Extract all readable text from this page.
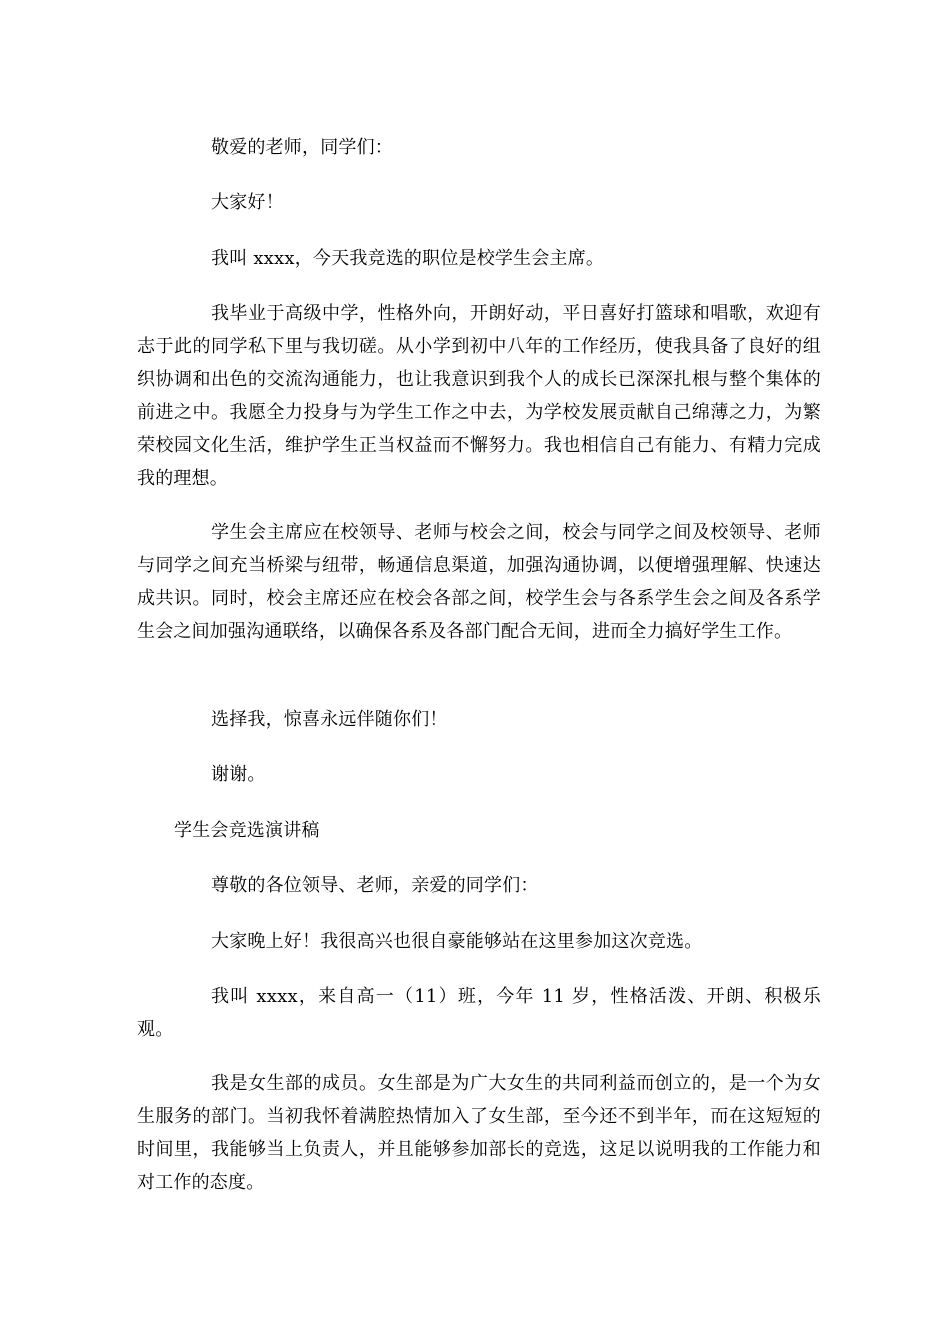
敬爱的老师，同学们：

大家好！

我叫 xxxx，今天我竞选的职位是校学生会主席。

我毕业于高级中学，性格外向，开朗好动，平日喜好打篮球和唱歌，欢迎有志于此的同学私下里与我切磋。从小学到初中八年的工作经历，使我具备了良好的组织协调和出色的交流沟通能力，也让我意识到我个人的成长已深深扎根与整个集体的前进之中。我愿全力投身与为学生工作之中去，为学校发展贡献自己绵薄之力，为繁荣校园文化生活，维护学生正当权益而不懈努力。我也相信自己有能力、有精力完成我的理想。

学生会主席应在校领导、老师与校会之间，校会与同学之间及校领导、老师与同学之间充当桥梁与纽带，畅通信息渠道，加强沟通协调，以便增强理解、快速达成共识。同时，校会主席还应在校会各部之间，校学生会与各系学生会之间及各系学生会之间加强沟通联络，以确保各系及各部门配合无间，进而全力搞好学生工作。

选择我，惊喜永远伴随你们！

谢谢。

学生会竞选演讲稿

尊敬的各位领导、老师，亲爱的同学们：

大家晚上好！我很高兴也很自豪能够站在这里参加这次竞选。

我叫 xxxx，来自高一（11）班，今年 11 岁，性格活泼、开朗、积极乐观。

我是女生部的成员。女生部是为广大女生的共同利益而创立的，是一个为女生服务的部门。当初我怀着满腔热情加入了女生部，至今还不到半年，而在这短短的时间里，我能够当上负责人，并且能够参加部长的竞选，这足以说明我的工作能力和对工作的态度。
